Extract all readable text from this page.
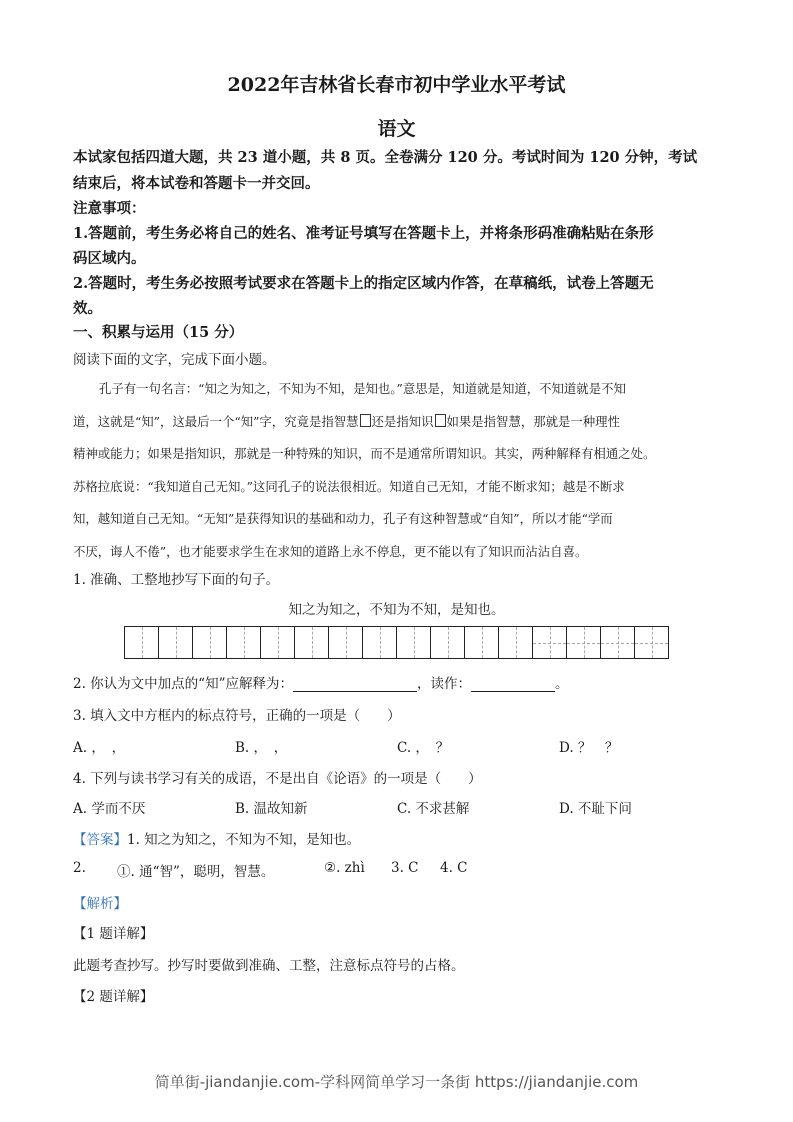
2022年吉林省长春市初中学业水平考试
语文
本试家包括四道大题，共 23 道小题，共 8 页。全卷满分 120 分。考试时间为 120 分钟，考试
结束后，将本试卷和答题卡一并交回。
注意事项：
1.答题前，考生务必将自己的姓名、准考证号填写在答题卡上，并将条形码准确粘贴在条形
码区域内。
2.答题时，考生务必按照考试要求在答题卡上的指定区域内作答，在草稿纸，试卷上答题无
效。
一、积累与运用（15 分）
阅读下面的文字，完成下面小题。
孔子有一句名言：“知之为知之，不知为不知，是知也。”意思是，知道就是知道，不知道就是不知
道，这就是“知”，这最后一个“知”字，究竟是指智慧 还是指知识 如果是指智慧，那就是一种理性
精神或能力；如果是指知识，那就是一种特殊的知识，而不是通常所谓知识。其实，两种解释有相通之处。
苏格拉底说：“我知道自己无知。”这同孔子的说法很相近。知道自己无知，才能不断求知；越是不断求
知，越知道自己无知。“无知”是获得知识的基础和动力，孔子有这种智慧或“自知”，所以才能“学而
不厌，诲人不倦”，也才能要求学生在求知的道路上永不停息，更不能以有了知识而沾沾自喜。
1. 准确、工整地抄写下面的句子。
知之为知之，不知为不知，是知也。
2. 你认为文中加点的“知”应解释为：	，读作：	。
3. 填入文中方框内的标点符号，正确的一项是（　　）
A. ，　，	B. ，　，	C. ，　？	D. ？　？
4. 下列与读书学习有关的成语，不是出自《论语》的一项是（　　）
A. 学而不厌	B. 温故知新	C. 不求甚解	D. 不耻下问
【答案】1. 知之为知之，不知为不知，是知也。
2. ①. 通“智”，聪明，智慧。	②. zhì 3. C 4. C
【解析】
【1 题详解】
此题考查抄写。抄写时要做到准确、工整，注意标点符号的占格。
【2 题详解】
简单街-jiandanjie.com-学科网简单学习一条街 https://jiandanjie.com
